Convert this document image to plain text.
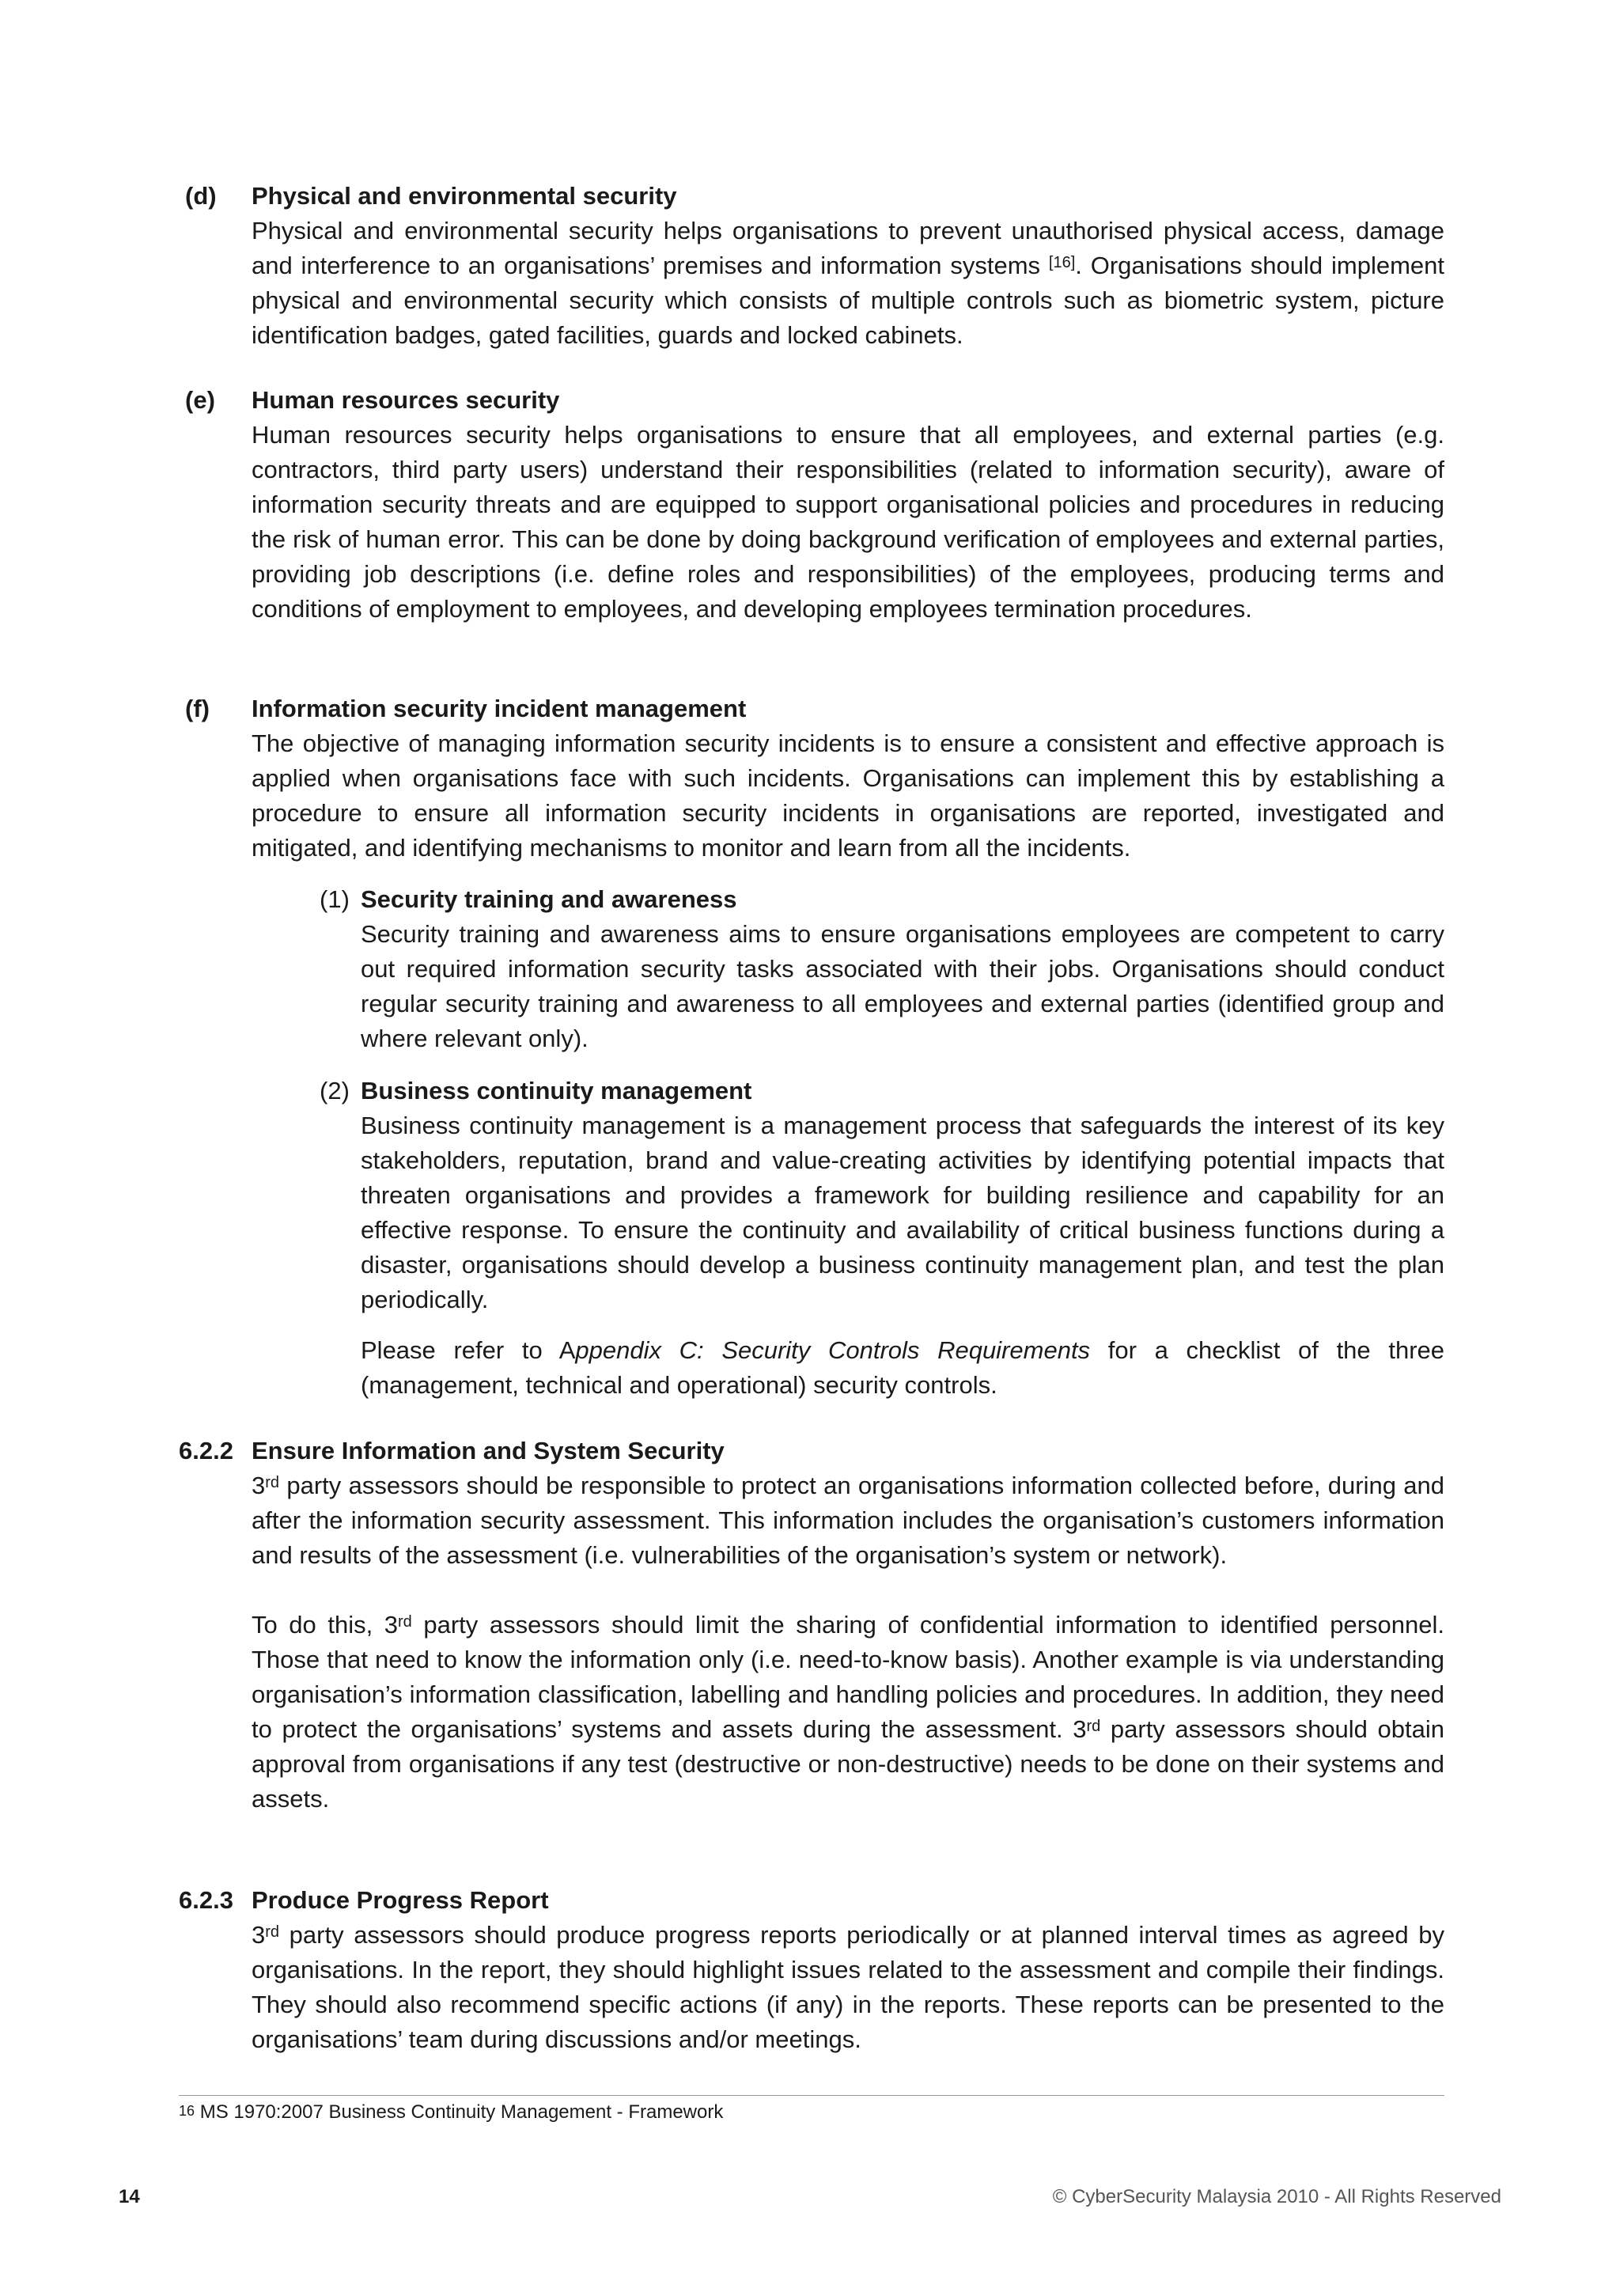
(d) Physical and environmental security
Physical and environmental security helps organisations to prevent unauthorised physical access, damage and interference to an organisations’ premises and information systems [16]. Organisations should implement physical and environmental security which consists of multiple controls such as biometric system, picture identification badges, gated facilities, guards and locked cabinets.
(e) Human resources security
Human resources security helps organisations to ensure that all employees, and external parties (e.g. contractors, third party users) understand their responsibilities (related to information security), aware of information security threats and are equipped to support organisational policies and procedures in reducing the risk of human error. This can be done by doing background verification of employees and external parties, providing job descriptions (i.e. define roles and responsibilities) of the employees, producing terms and conditions of employment to employees, and developing employees termination procedures.
(f) Information security incident management
The objective of managing information security incidents is to ensure a consistent and effective approach is applied when organisations face with such incidents. Organisations can implement this by establishing a procedure to ensure all information security incidents in organisations are reported, investigated and mitigated, and identifying mechanisms to monitor and learn from all the incidents.
(1) Security training and awareness
Security training and awareness aims to ensure organisations employees are competent to carry out required information security tasks associated with their jobs. Organisations should conduct regular security training and awareness to all employees and external parties (identified group and where relevant only).
(2) Business continuity management
Business continuity management is a management process that safeguards the interest of its key stakeholders, reputation, brand and value-creating activities by identifying potential impacts that threaten organisations and provides a framework for building resilience and capability for an effective response. To ensure the continuity and availability of critical business functions during a disaster, organisations should develop a business continuity management plan, and test the plan periodically.
Please refer to Appendix C: Security Controls Requirements for a checklist of the three (management, technical and operational) security controls.
6.2.2 Ensure Information and System Security
3rd party assessors should be responsible to protect an organisations information collected before, during and after the information security assessment. This information includes the organisation’s customers information and results of the assessment (i.e. vulnerabilities of the organisation’s system or network).
To do this, 3rd party assessors should limit the sharing of confidential information to identified personnel. Those that need to know the information only (i.e. need-to-know basis). Another example is via understanding organisation’s information classification, labelling and handling policies and procedures. In addition, they need to protect the organisations’ systems and assets during the assessment. 3rd party assessors should obtain approval from organisations if any test (destructive or non-destructive) needs to be done on their systems and assets.
6.2.3 Produce Progress Report
3rd party assessors should produce progress reports periodically or at planned interval times as agreed by organisations. In the report, they should highlight issues related to the assessment and compile their findings. They should also recommend specific actions (if any) in the reports. These reports can be presented to the organisations’ team during discussions and/or meetings.
$^{16}$ MS 1970:2007 Business Continuity Management - Framework
14	© CyberSecurity Malaysia 2010 - All Rights Reserved
